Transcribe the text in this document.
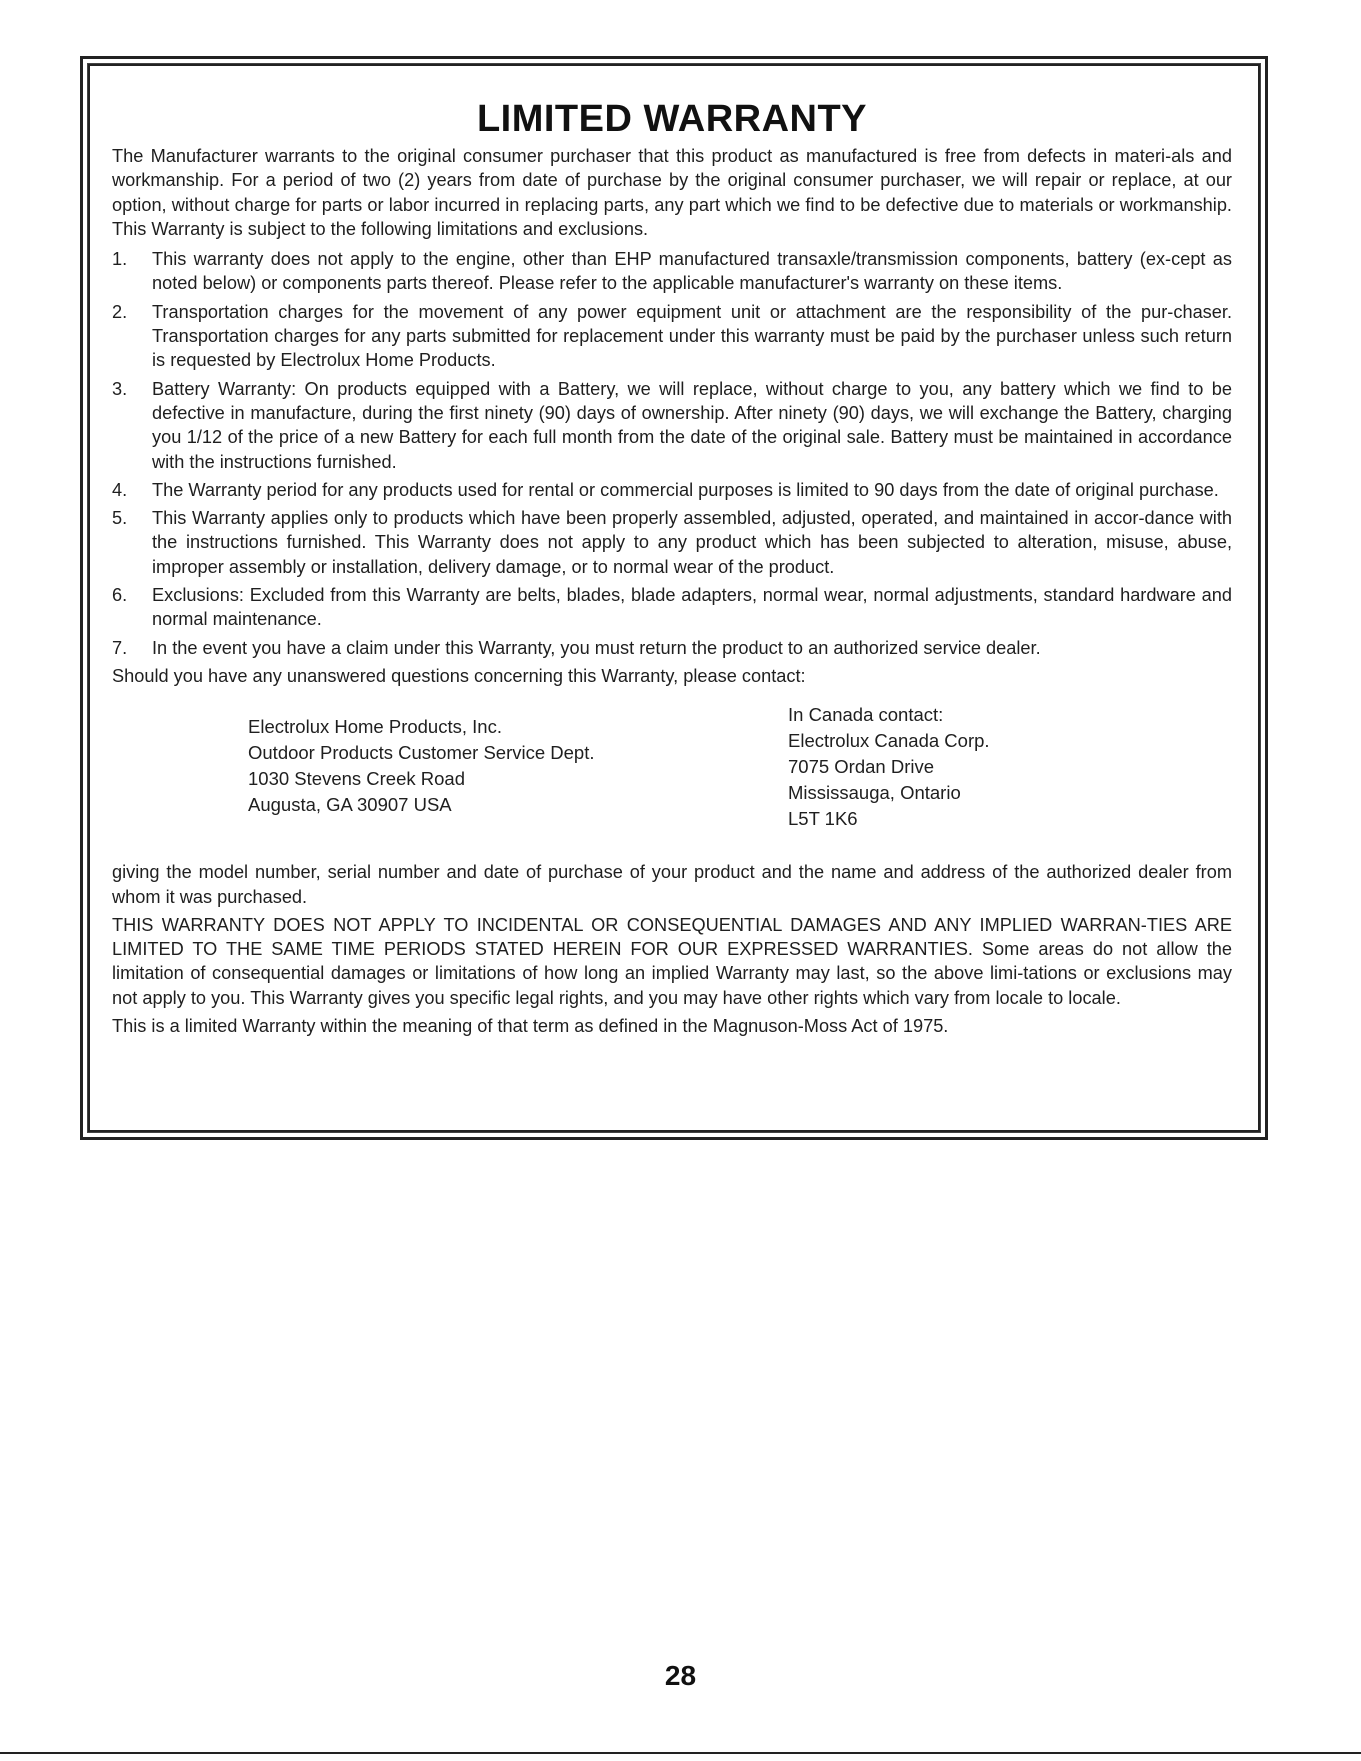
LIMITED WARRANTY

The Manufacturer warrants to the original consumer purchaser that this product as manufactured is free from defects in materi-als and workmanship. For a period of two (2) years from date of purchase by the original consumer purchaser, we will repair or replace, at our option, without charge for parts or labor incurred in replacing parts, any part which we find to be defective due to materials or workmanship. This Warranty is subject to the following limitations and exclusions.

1. This warranty does not apply to the engine, other than EHP manufactured transaxle/transmission components, battery (ex-cept as noted below) or components parts thereof. Please refer to the applicable manufacturer's warranty on these items.
2. Transportation charges for the movement of any power equipment unit or attachment are the responsibility of the pur-chaser. Transportation charges for any parts submitted for replacement under this warranty must be paid by the purchaser unless such return is requested by Electrolux Home Products.
3. Battery Warranty: On products equipped with a Battery, we will replace, without charge to you, any battery which we find to be defective in manufacture, during the first ninety (90) days of ownership. After ninety (90) days, we will exchange the Battery, charging you 1/12 of the price of a new Battery for each full month from the date of the original sale. Battery must be maintained in accordance with the instructions furnished.
4. The Warranty period for any products used for rental or commercial purposes is limited to 90 days from the date of original purchase.
5. This Warranty applies only to products which have been properly assembled, adjusted, operated, and maintained in accor-dance with the instructions furnished. This Warranty does not apply to any product which has been subjected to alteration, misuse, abuse, improper assembly or installation, delivery damage, or to normal wear of the product.
6. Exclusions: Excluded from this Warranty are belts, blades, blade adapters, normal wear, normal adjustments, standard hardware and normal maintenance.
7. In the event you have a claim under this Warranty, you must return the product to an authorized service dealer.

Should you have any unanswered questions concerning this Warranty, please contact:

Electrolux Home Products, Inc.
Outdoor Products Customer Service Dept.
1030 Stevens Creek Road
Augusta, GA 30907 USA
In Canada contact:
Electrolux Canada Corp.
7075 Ordan Drive
Mississauga, Ontario
L5T 1K6

giving the model number, serial number and date of purchase of your product and the name and address of the authorized dealer from whom it was purchased.

THIS WARRANTY DOES NOT APPLY TO INCIDENTAL OR CONSEQUENTIAL DAMAGES AND ANY IMPLIED WARRAN-TIES ARE LIMITED TO THE SAME TIME PERIODS STATED HEREIN FOR OUR EXPRESSED WARRANTIES. Some areas do not allow the limitation of consequential damages or limitations of how long an implied Warranty may last, so the above limi-tations or exclusions may not apply to you. This Warranty gives you specific legal rights, and you may have other rights which vary from locale to locale.

This is a limited Warranty within the meaning of that term as defined in the Magnuson-Moss Act of 1975.

28
